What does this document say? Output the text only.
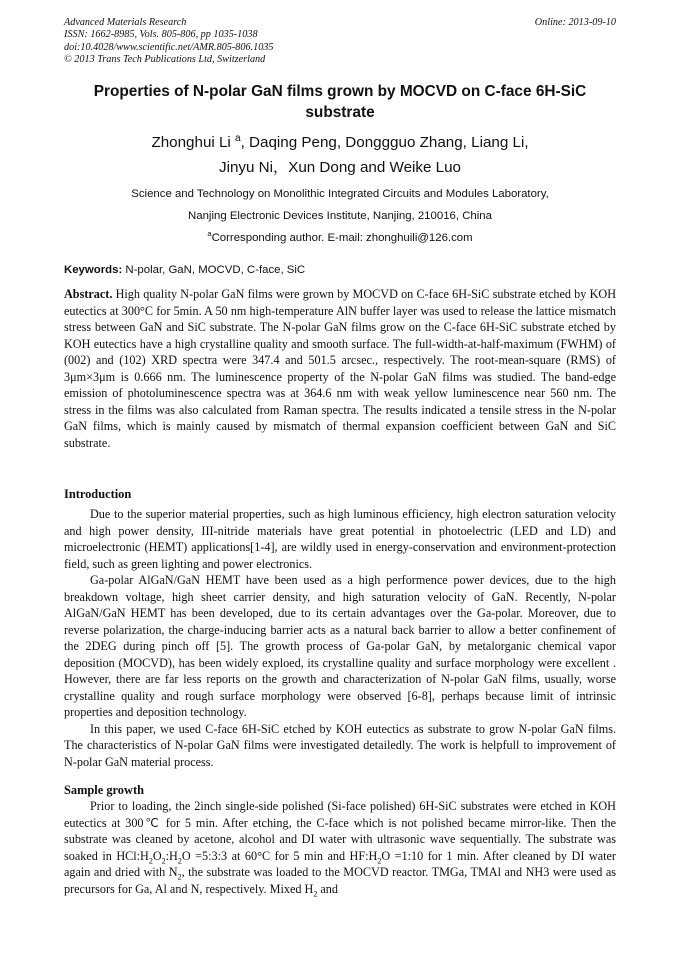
Advanced Materials Research
ISSN: 1662-8985, Vols. 805-806, pp 1035-1038
doi:10.4028/www.scientific.net/AMR.805-806.1035
© 2013 Trans Tech Publications Ltd, Switzerland
Online: 2013-09-10
Properties of N-polar GaN films grown by MOCVD on C-face 6H-SiC
substrate
Zhonghui Li $^a$, Daqing Peng, Donggguo Zhang, Liang Li,
Jinyu Ni，Xun Dong and Weike Luo
Science and Technology on Monolithic Integrated Circuits and Modules Laboratory,
Nanjing Electronic Devices Institute, Nanjing, 210016, China
$^a$Corresponding author. E-mail: zhonghuili@126.com
Keywords: N-polar, GaN, MOCVD, C-face, SiC

Abstract. High quality N-polar GaN films were grown by MOCVD on C-face 6H-SiC substrate etched by KOH eutectics at 300°C for 5min. A 50 nm high-temperature AlN buffer layer was used to release the lattice mismatch stress between GaN and SiC substrate. The N-polar GaN films grow on the C-face 6H-SiC substrate etched by KOH eutectics have a high crystalline quality and smooth surface. The full-width-at-half-maximum (FWHM) of (002) and (102) XRD spectra were 347.4 and 501.5 arcsec., respectively. The root-mean-square (RMS) of 3μm×3μm is 0.666 nm. The luminescence property of the N-polar GaN films was studied. The band-edge emission of photoluminescence spectra was at 364.6 nm with weak yellow luminescence near 560 nm. The stress in the films was also calculated from Raman spectra. The results indicated a tensile stress in the N-polar GaN films, which is mainly caused by mismatch of thermal expansion coefficient between GaN and SiC substrate.

Introduction

Due to the superior material properties, such as high luminous efficiency, high electron saturation velocity and high power density, III-nitride materials have great potential in photoelectric (LED and LD) and microelectronic (HEMT) applications[1-4], are wildly used in energy-conservation and environment-protection field, such as green lighting and power electronics.

Ga-polar AlGaN/GaN HEMT have been used as a high performence power devices, due to the high breakdown voltage, high sheet carrier density, and high saturation velocity of GaN. Recently, N-polar AlGaN/GaN HEMT has been developed, due to its certain advantages over the Ga-polar. Moreover, due to reverse polarization, the charge-inducing barrier acts as a natural back barrier to allow a better confinement of the 2DEG during pinch off [5]. The growth process of Ga-polar GaN, by metalorganic chemical vapor deposition (MOCVD), has been widely exploed, its crystalline quality and surface morphology were excellent . However, there are far less reports on the growth and characterization of N-polar GaN films, usually, worse crystalline quality and rough surface morphology were observed [6-8], perhaps because limit of intrinsic properties and deposition technology.

In this paper, we used C-face 6H-SiC etched by KOH eutectics as substrate to grow N-polar GaN films. The characteristics of N-polar GaN films were investigated detailedly. The work is helpfull to improvement of N-polar GaN material process.

Sample growth

Prior to loading, the 2inch single-side polished (Si-face polished) 6H-SiC substrates were etched in KOH eutectics at 300℃ for 5 min. After etching, the C-face which is not polished became mirror-like. Then the substrate was cleaned by acetone, alcohol and DI water with ultrasonic wave sequentially. The substrate was soaked in $HCl:H_2O_2:H_2O$ =5:3:3 at 60°C for 5 min and $HF:H_2O$ =1:10 for 1 min. After cleaned by DI water again and dried with $N_2$, the substrate was loaded to the MOCVD reactor. TMGa, TMAl and NH3 were used as precursors for Ga, Al and N, respectively. Mixed $H_2$ and
